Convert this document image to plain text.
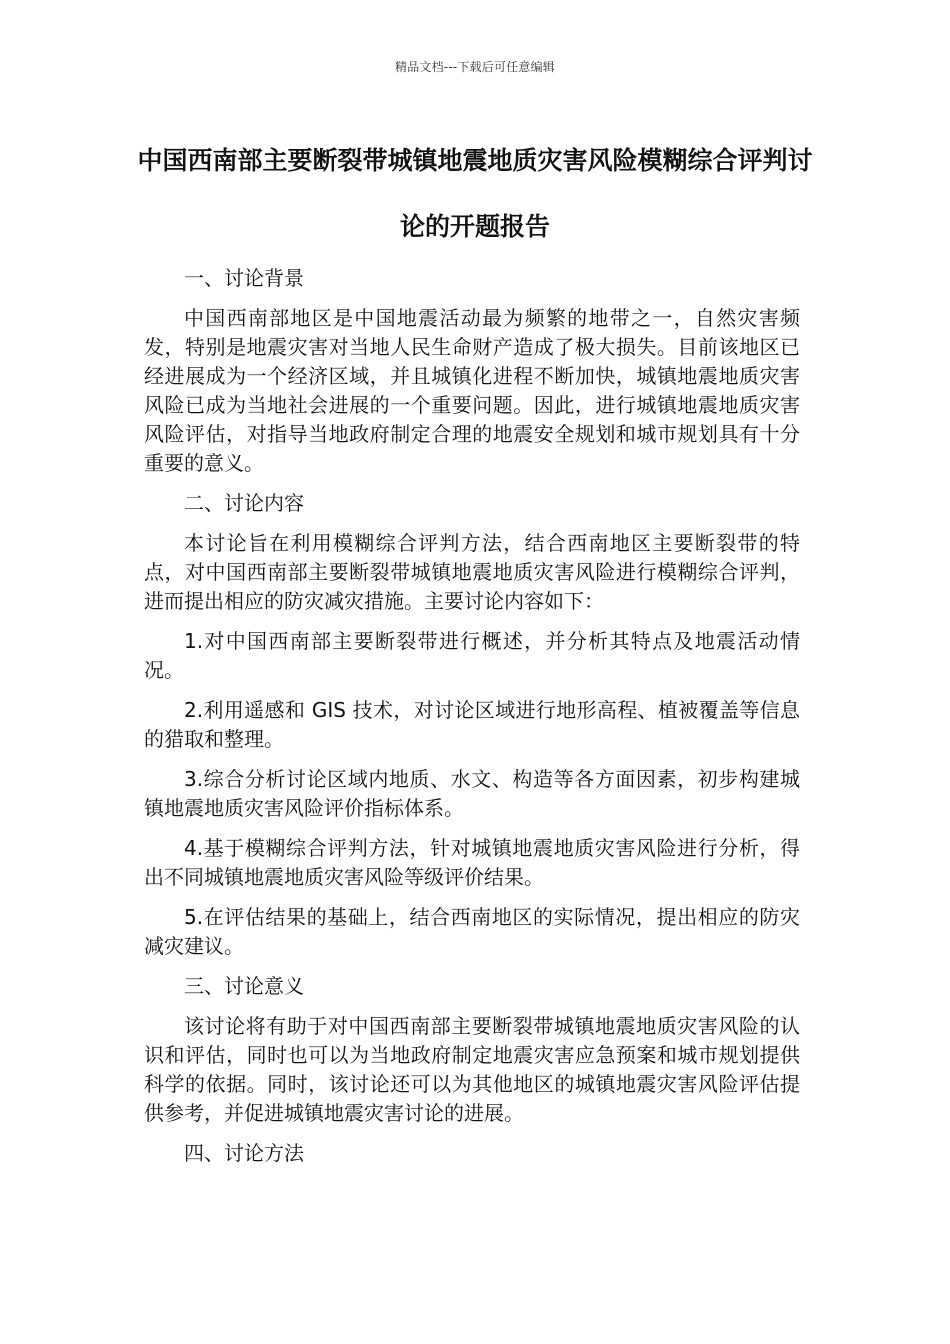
精品文档---下载后可任意编辑
中国西南部主要断裂带城镇地震地质灾害风险模糊综合评判讨论的开题报告

一、讨论背景

中国西南部地区是中国地震活动最为频繁的地带之一，自然灾害频发，特别是地震灾害对当地人民生命财产造成了极大损失。目前该地区已经进展成为一个经济区域，并且城镇化进程不断加快，城镇地震地质灾害风险已成为当地社会进展的一个重要问题。因此，进行城镇地震地质灾害风险评估，对指导当地政府制定合理的地震安全规划和城市规划具有十分重要的意义。

二、讨论内容

本讨论旨在利用模糊综合评判方法，结合西南地区主要断裂带的特点，对中国西南部主要断裂带城镇地震地质灾害风险进行模糊综合评判，进而提出相应的防灾减灾措施。主要讨论内容如下：

1.对中国西南部主要断裂带进行概述，并分析其特点及地震活动情况。

2.利用遥感和 GIS 技术，对讨论区域进行地形高程、植被覆盖等信息的猎取和整理。

3.综合分析讨论区域内地质、水文、构造等各方面因素，初步构建城镇地震地质灾害风险评价指标体系。

4.基于模糊综合评判方法，针对城镇地震地质灾害风险进行分析，得出不同城镇地震地质灾害风险等级评价结果。

5.在评估结果的基础上，结合西南地区的实际情况，提出相应的防灾减灾建议。

三、讨论意义

该讨论将有助于对中国西南部主要断裂带城镇地震地质灾害风险的认识和评估，同时也可以为当地政府制定地震灾害应急预案和城市规划提供科学的依据。同时，该讨论还可以为其他地区的城镇地震灾害风险评估提供参考，并促进城镇地震灾害讨论的进展。

四、讨论方法
